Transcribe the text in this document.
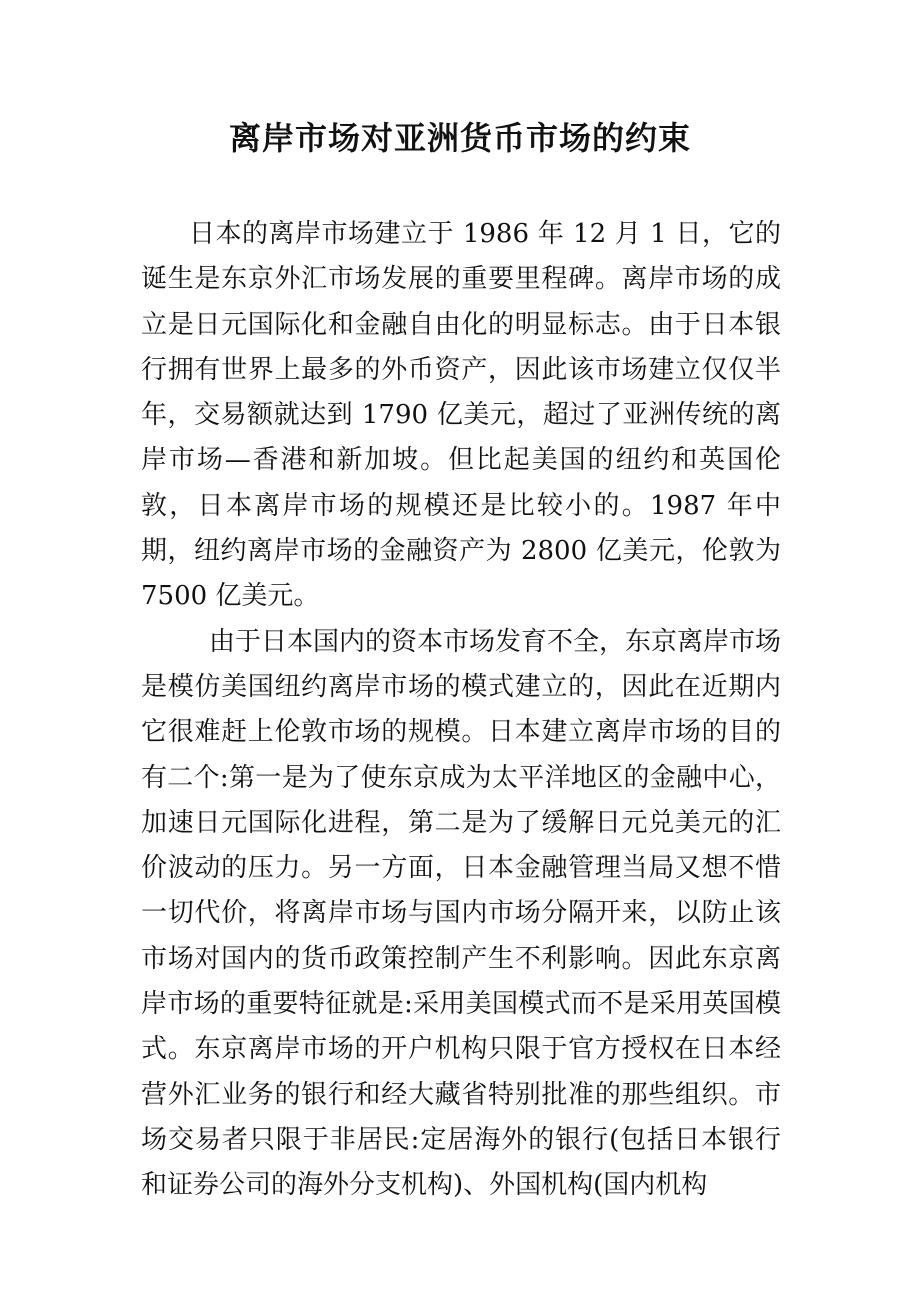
离岸市场对亚洲货币市场的约束

日本的离岸市场建立于 1986 年 12 月 1 日，它的诞生是东京外汇市场发展的重要里程碑。离岸市场的成立是日元国际化和金融自由化的明显标志。由于日本银行拥有世界上最多的外币资产，因此该市场建立仅仅半年，交易额就达到 1790 亿美元，超过了亚洲传统的离岸市场—香港和新加坡。但比起美国的纽约和英国伦敦，日本离岸市场的规模还是比较小的。1987 年中期，纽约离岸市场的金融资产为 2800 亿美元，伦敦为 7500 亿美元。

由于日本国内的资本市场发育不全，东京离岸市场是模仿美国纽约离岸市场的模式建立的，因此在近期内它很难赶上伦敦市场的规模。日本建立离岸市场的目的有二个:第一是为了使东京成为太平洋地区的金融中心，加速日元国际化进程，第二是为了缓解日元兑美元的汇价波动的压力。另一方面，日本金融管理当局又想不惜一切代价，将离岸市场与国内市场分隔开来，以防止该市场对国内的货币政策控制产生不利影响。因此东京离岸市场的重要特征就是:采用美国模式而不是采用英国模式。东京离岸市场的开户机构只限于官方授权在日本经营外汇业务的银行和经大藏省特别批准的那些组织。市场交易者只限于非居民:定居海外的银行(包括日本银行和证券公司的海外分支机构)、外国机构(国内机构
